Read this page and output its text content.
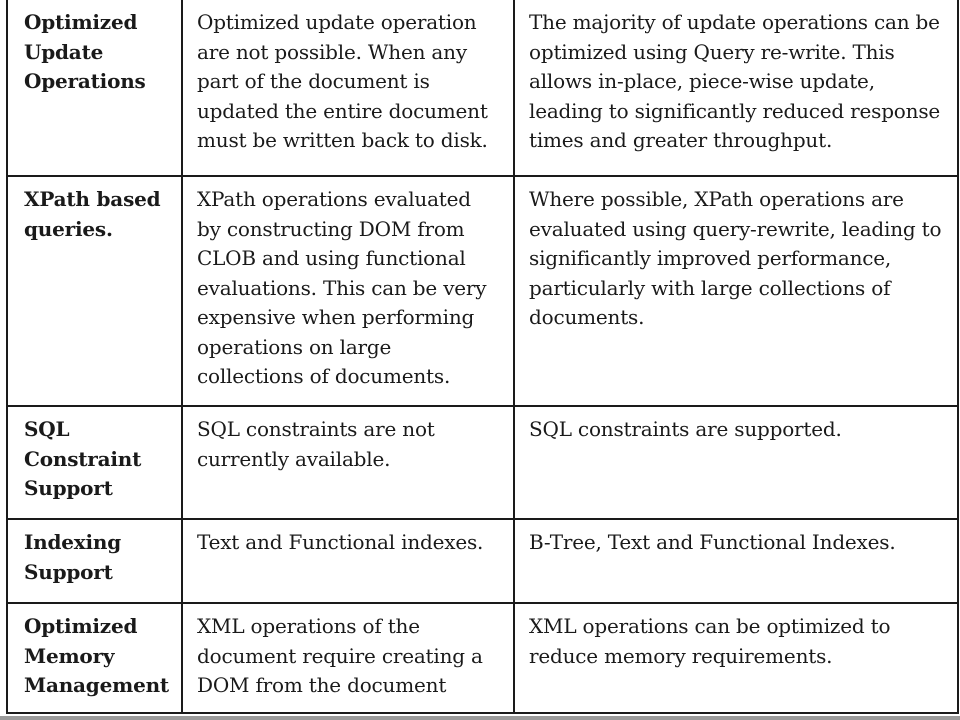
Optimized Update Operations	Optimized update operation are not possible. When any part of the document is updated the entire document must be written back to disk.	The majority of update operations can be optimized using Query re-write. This allows in-place, piece-wise update, leading to significantly reduced response times and greater throughput.
XPath based queries.	XPath operations evaluated by constructing DOM from CLOB and using functional evaluations. This can be very expensive when performing operations on large collections of documents.	Where possible, XPath operations are evaluated using query-rewrite, leading to significantly improved performance, particularly with large collections of documents.
SQL Constraint Support	SQL constraints are not currently available.	SQL constraints are supported.
Indexing Support	Text and Functional indexes.	B-Tree, Text and Functional Indexes.
Optimized Memory Management	XML operations of the document require creating a DOM from the document	XML operations can be optimized to reduce memory requirements.
